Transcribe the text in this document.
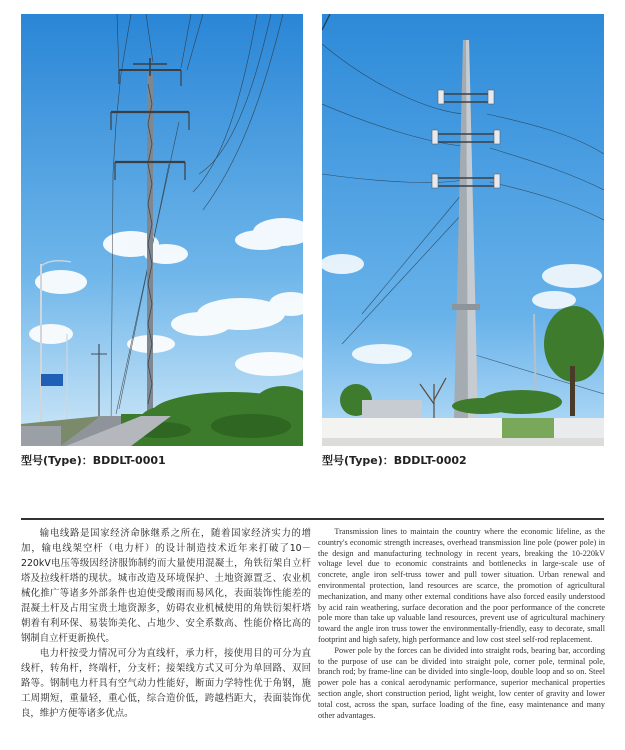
型号(Type)：BDDLT-0001	型号(Type)：BDDLT-0002

输电线路是国家经济命脉继系之所在，随着国家经济实力的增加，输电线架空杆（电力杆）的设计制造技术近年来打破了10－220kV电压等级因经济服饰制约而大量使用混凝土，角铁衍架自立杆塔及拉线杆塔的现状。城市改造及环境保护、土地资源置乏、农业机械化推广等诸多外部条件也迫使受酸雨而易风化，表面装饰性能差的混凝土杆及占用宝贵土地资源多，妨碍农业机械使用的角铁衍架杆塔朝着有利环保、易装饰美化、占地少、安全系数高、性能价格比高的钢制自立杆更新换代。

电力杆按受力情况可分为直线杆，承力杆，接使用目的可分为直线杆，转角杆，终端杆，分支杆；接架线方式又可分为单回路、双回路等。钢制电力杆具有空气动力性能好，断面力学特性优于角钢，施工周期短，重量轻，重心低，综合造价低，跨越档距大，表面装饰优良，维护方便等诸多优点。

Transmission lines to maintain the country where the economic lifeline, as the country's economic strength increases, overhead transmission line pole (power pole) in the design and manufacturing technology in recent years, breaking the 10-220kV voltage level due to economic constraints and bottlenecks in large-scale use of concrete, angle iron self-truss tower and pull tower situation. Urban renewal and environmental protection, land resources are scarce, the promotion of agricultural mechanization, and many other external conditions have also forced easily understood by acid rain weathering, surface decoration and the poor performance of the concrete pole more than take up valuable land resources, prevent use of agricultural machinery toward the angle iron truss tower the environmentally-friendly, easy to decorate, small footprint and high safety, high performance and low cost steel self-rod replacement.

Power pole by the forces can be divided into straight rods, bearing bar, according to the purpose of use can be divided into straight pole, corner pole, terminal pole, branch rod; by frame-line can be divided into single-loop, double loop and so on. Steel power pole has a conical aerodynamic performance, superior mechanical properties section angle, short construction period, light weight, low center of gravity and lower total cost, across the span, surface loading of the fine, easy maintenance and many other advantages.
